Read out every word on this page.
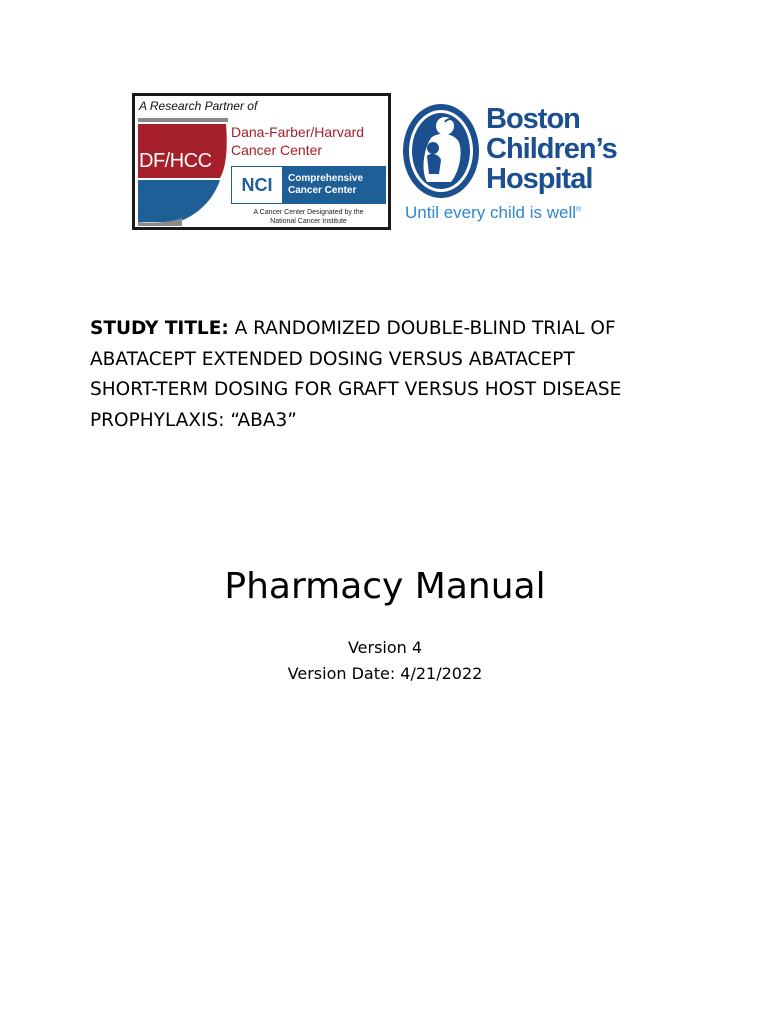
A Research Partner of
DF/HCC
Dana-Farber/Harvard
Cancer Center
NCI	Comprehensive
Cancer Center
A Cancer Center Designated by the
National Cancer Institute
Boston
Children’s
Hospital
Until every child is well®
STUDY TITLE: A RANDOMIZED DOUBLE-BLIND TRIAL OF
ABATACEPT EXTENDED DOSING VERSUS ABATACEPT
SHORT-TERM DOSING FOR GRAFT VERSUS HOST DISEASE
PROPHYLAXIS: “ABA3”
Pharmacy Manual
Version 4
Version Date: 4/21/2022
